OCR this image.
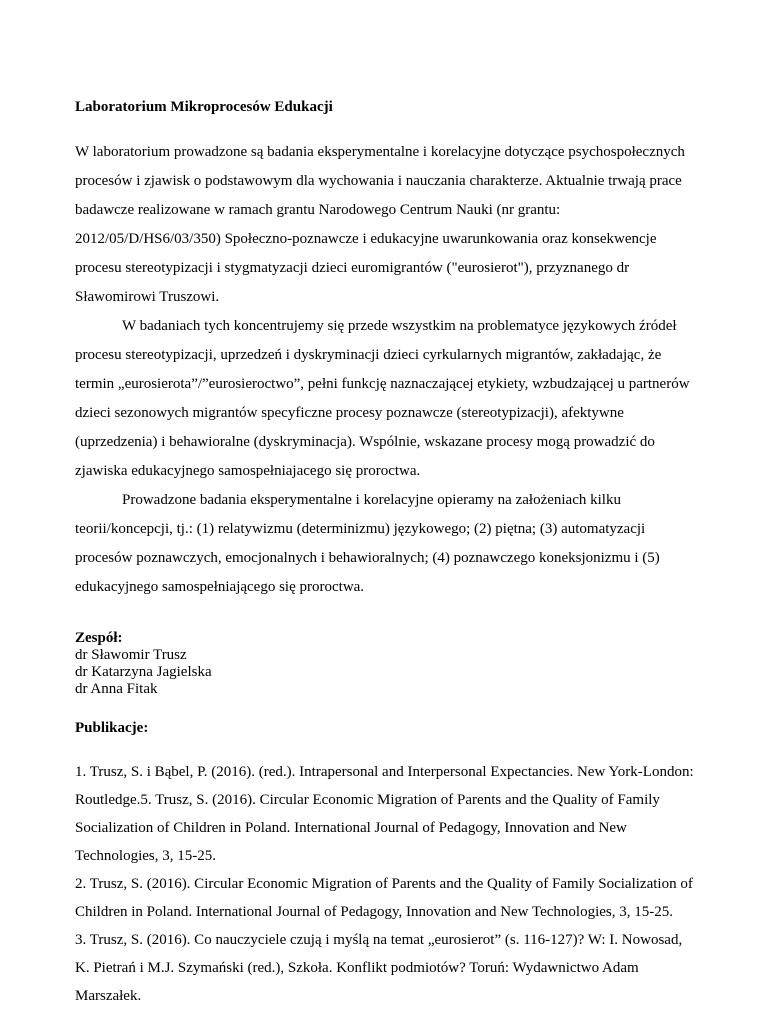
Laboratorium Mikroprocesów Edukacji

W laboratorium prowadzone są badania eksperymentalne i korelacyjne dotyczące psychospołecznych procesów i zjawisk o podstawowym dla wychowania i nauczania charakterze. Aktualnie trwają prace badawcze realizowane w ramach grantu Narodowego Centrum Nauki (nr grantu: 2012/05/D/HS6/03/350) Społeczno-poznawcze i edukacyjne uwarunkowania oraz konsekwencje procesu stereotypizacji i stygmatyzacji dzieci euromigrantów ("eurosierot"), przyznanego dr Sławomirowi Truszowi.

W badaniach tych koncentrujemy się przede wszystkim na problematyce językowych źródeł procesu stereotypizacji, uprzedzeń i dyskryminacji dzieci cyrkularnych migrantów, zakładając, że termin „eurosierota”/”eurosieroctwo”, pełni funkcję naznaczającej etykiety, wzbudzającej u partnerów dzieci sezonowych migrantów specyficzne procesy poznawcze (stereotypizacji), afektywne (uprzedzenia) i behawioralne (dyskryminacja). Wspólnie, wskazane procesy mogą prowadzić do zjawiska edukacyjnego samospełniajacego się proroctwa.

Prowadzone badania eksperymentalne i korelacyjne opieramy na założeniach kilku teorii/koncepcji, tj.: (1) relatywizmu (determinizmu) językowego; (2) piętna; (3) automatyzacji procesów poznawczych, emocjonalnych i behawioralnych; (4) poznawczego koneksjonizmu i (5) edukacyjnego samospełniającego się proroctwa.

Zespół:
dr Sławomir Trusz
dr Katarzyna Jagielska
dr Anna Fitak
Publikacje:

1. Trusz, S. i Bąbel, P. (2016). (red.). Intrapersonal and Interpersonal Expectancies. New York-London: Routledge.5. Trusz, S. (2016). Circular Economic Migration of Parents and the Quality of Family Socialization of Children in Poland. International Journal of Pedagogy, Innovation and New Technologies, 3, 15-25.

2. Trusz, S. (2016). Circular Economic Migration of Parents and the Quality of Family Socialization of Children in Poland. International Journal of Pedagogy, Innovation and New Technologies, 3, 15-25.

3. Trusz, S. (2016). Co nauczyciele czują i myślą na temat „eurosierot” (s. 116-127)? W: I. Nowosad, K. Pietrań i M.J. Szymański (red.), Szkoła. Konflikt podmiotów? Toruń: Wydawnictwo Adam Marszałek.
